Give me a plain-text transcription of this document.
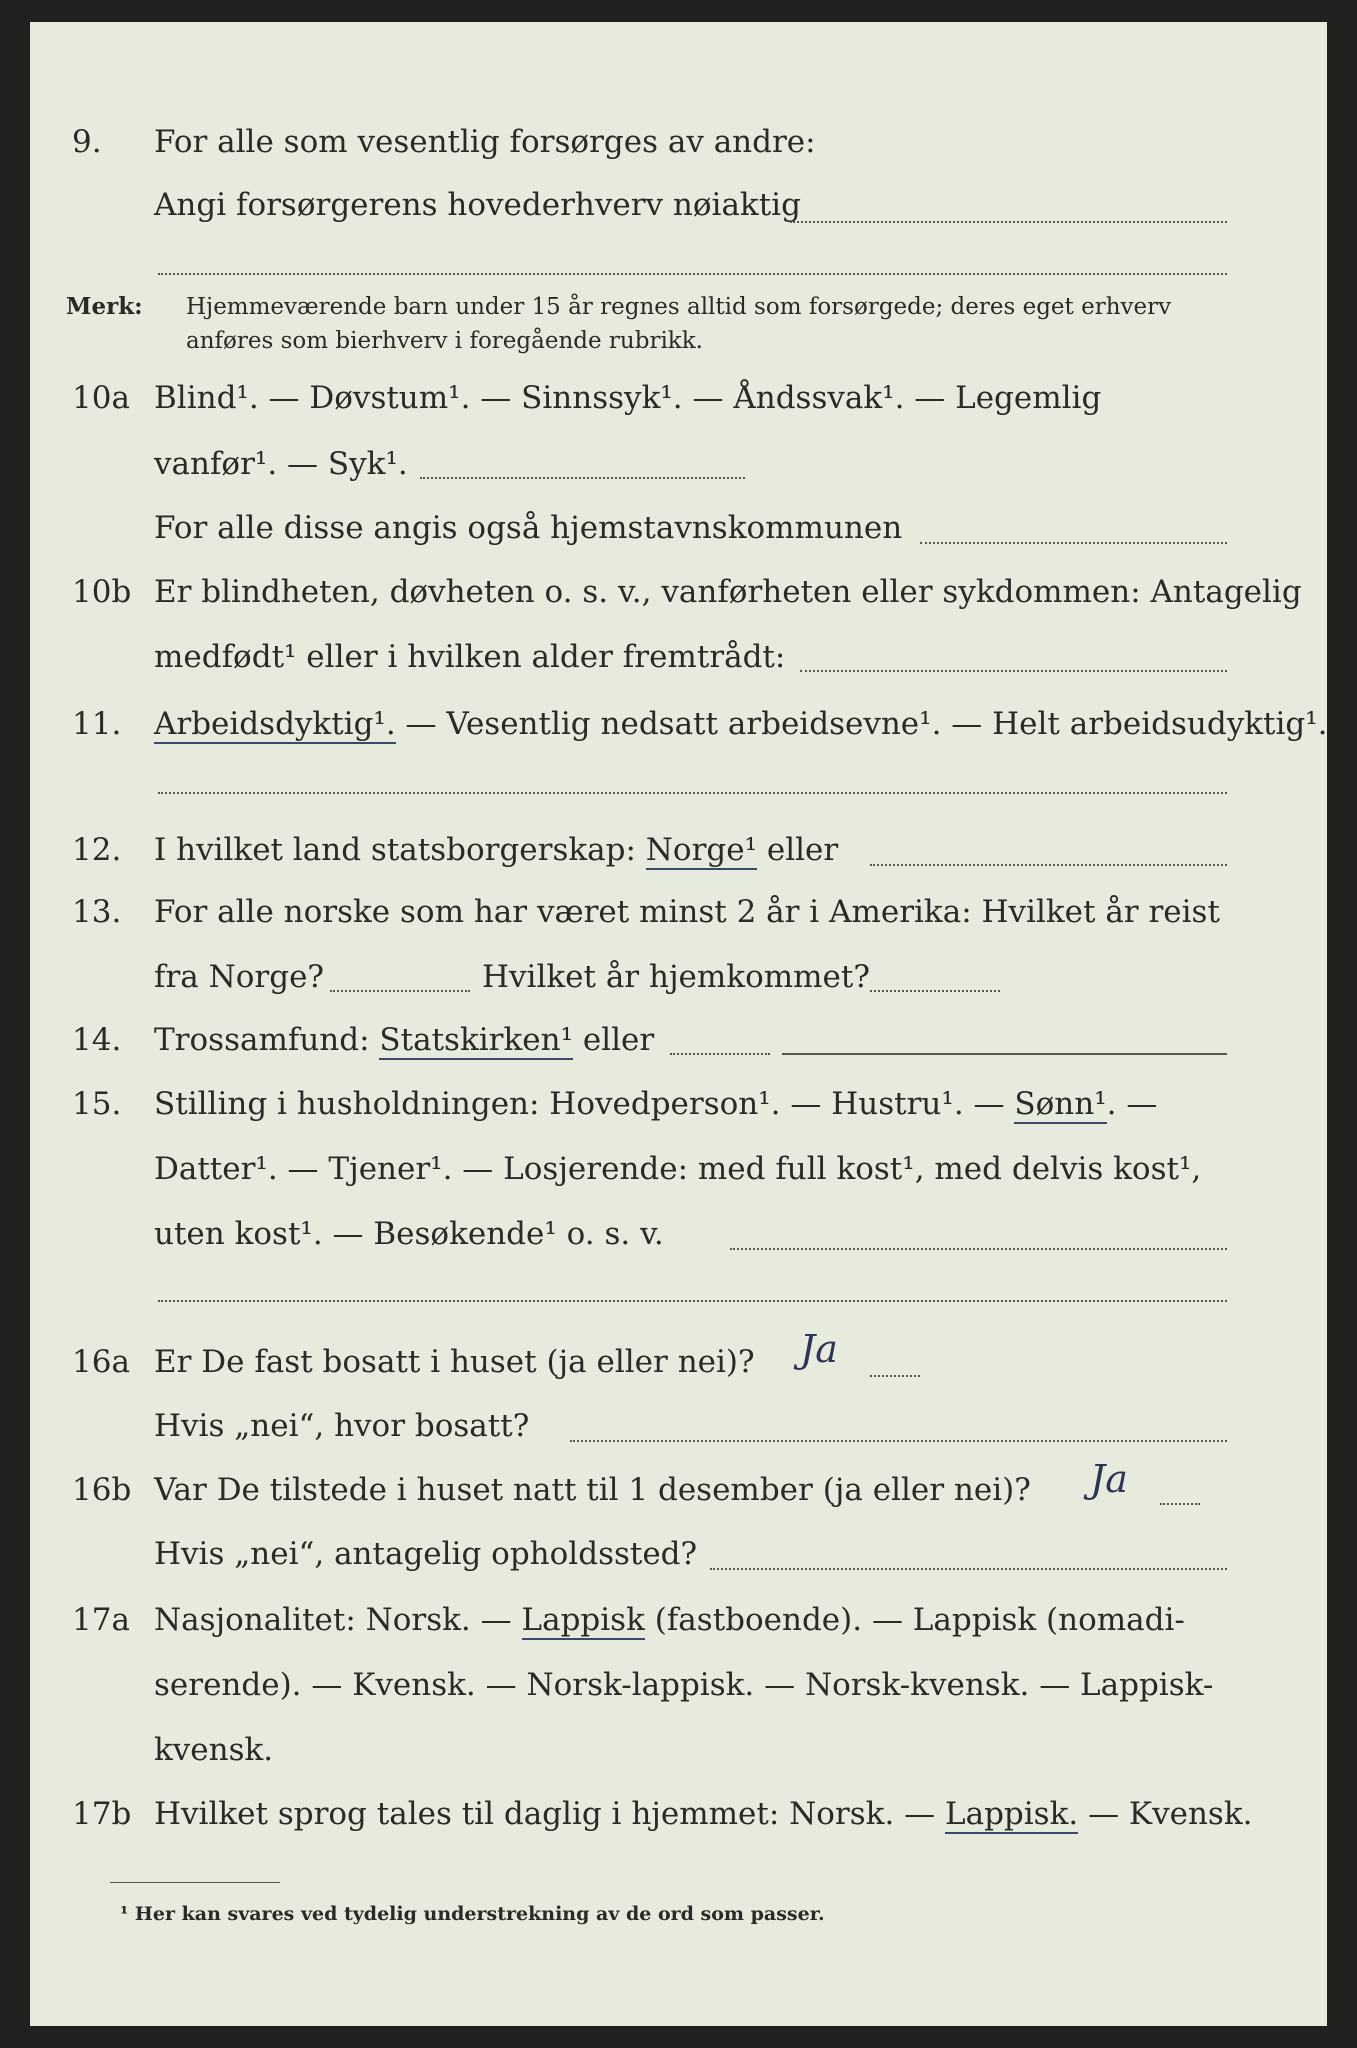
9. For alle som vesentlig forsørges av andre:
Angi forsørgerens hovederhverv nøiaktig
Merk: Hjemmeværende barn under 15 år regnes alltid som forsørgede; deres eget erhverv
anføres som bierhverv i foregående rubrikk.
10a Blind¹. — Døvstum¹. — Sinnssyk¹. — Åndssvak¹. — Legemlig
vanfør¹. — Syk¹.
For alle disse angis også hjemstavnskommunen
10b Er blindheten, døvheten o. s. v., vanførheten eller sykdommen: Antagelig
medfødt¹ eller i hvilken alder fremtrådt:
11. Arbeidsdyktig¹. — Vesentlig nedsatt arbeidsevne¹. — Helt arbeidsudyktig¹.
12. I hvilket land statsborgerskap: Norge¹ eller
13. For alle norske som har været minst 2 år i Amerika: Hvilket år reist
fra Norge?	Hvilket år hjemkommet?
14. Trossamfund: Statskirken¹ eller
15. Stilling i husholdningen: Hovedperson¹. — Hustru¹. — Sønn¹. —
Datter¹. — Tjener¹. — Losjerende: med full kost¹, med delvis kost¹,
uten kost¹. — Besøkende¹ o. s. v.
16a Er De fast bosatt i huset (ja eller nei)?	Ja
Hvis „nei“, hvor bosatt?
16b Var De tilstede i huset natt til 1 desember (ja eller nei)?	Ja
Hvis „nei“, antagelig opholdssted?
17a Nasjonalitet: Norsk. — Lappisk (fastboende). — Lappisk (nomadi-
serende). — Kvensk. — Norsk-lappisk. — Norsk-kvensk. — Lappisk-
kvensk.
17b Hvilket sprog tales til daglig i hjemmet: Norsk. — Lappisk. — Kvensk.
¹ Her kan svares ved tydelig understrekning av de ord som passer.
